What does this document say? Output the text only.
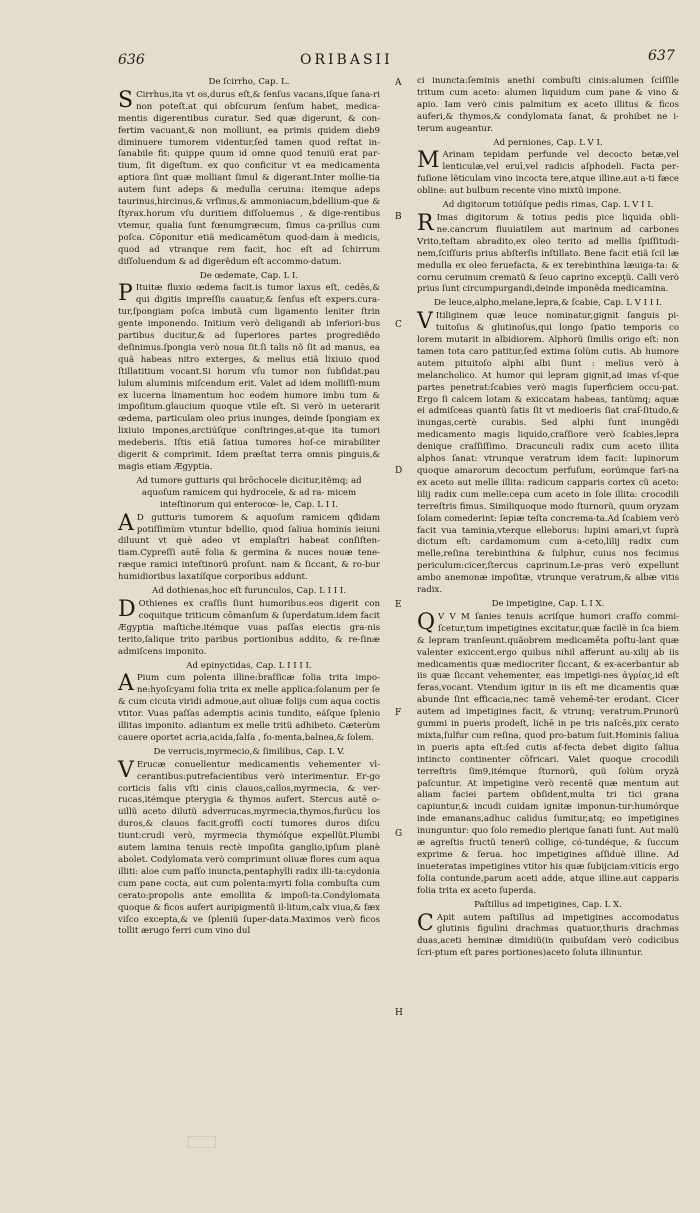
636	ORIBASII	637
De ſcirrho, Cap. L.
S Cirrhus,ita vt os,durus eſt,& ſenſus vacans,iſque ſana-ri non poteſt.at qui obſcurum ſenſum habet, medica-mentis digerentibus curatur. Sed quæ digerunt, & con-fertim vacuant,& non molliunt, ea primis quidem dieb9 diminuere tumorem videntur,ſed tamen quod reſtat in-ſanabile fit: quippe quum id omne quod tenuiũ erat par-tium, ſit digeſtum. ex quo conficitur vt ea medicamenta aptiora ſint quæ molliant ſimul & digerant.Inter mollie-tia autem ſunt adeps & medulla ceruina: itemque adeps taurinus,hircinus,& vrſinus,& ammoniacum,bdellium-que & ſtyrax.horum vſu duritiem diſſoluemus , & dige-rentibus vtemur, qualia ſunt fœnumgræcum, ſimus ca-prillus cum poſca. Cōponitur etiã medicamētum quod-dam à medicis, quod ad vtranque rem facit, hoc eſt ad ſchirrum diſſoluendum & ad digerẽdum eſt accommo-datum.
De œdemate, Cap. L I.
P Ituitæ fluxio œdema facit.is tumor laxus eſt, cedēs,& qui digitis impreſſis cauatur,& ſenſus eſt expers.cura-tur,ſpongiam poſca imbutã cum ligamento leniter ſtrin gente imponendo. Initium verò deligandi ab inferiori-bus partibus ducitur,& ad ſuperiores partes progrediẽdo deſinimus.ſpongia verò noua ſit.ſi talis nõ ſit ad manus, ea quã habeas nitro exterges, & melius etiã lixiuio quod ſtillatitium vocant.Si horum vſu tumor non ſubſidat.pau lulum aluminis miſcendum erit. Valet ad idem molliſſi-mum ex lucerna linamentum hoc eodem humore imbu tum & impoſitum.glaucium quoque vtile eſt. Si verò in ueterarit œdema, particulam oleo prius inunges, deinde ſpongiam ex lixiuio impones,arctiúſque conſtringes,at-que ita tumori medeberis. Iſtis etiã ſatiua tumores hoſ-ce mirabiliter digerit & comprimit. Idem præſtat terra omnis pinguis,& magis etiam Ægyptia.
Ad tumore gutturis qui brōchocele dicitur,itẽmq; ad aquoſum ramicem qui hydrocele, & ad ra- micem inteſtinorum qui enterocœ- le, Cap. L I I.
A D gutturis tumorem & aquoſum ramicem qđidam potiſſimùm vtuntur bdellio, quod ſaliua hominis ieiuni diluunt vt què adeo vt emplaſtri habeat conſiſten-tiam.Cypreſſi autē folia & germina & nuces nouæ tene-ræque ramici inteſtinorũ proſunt. nam & ſiccant, & ro-bur humidioribus laxatíſque corporibus addunt.
Ad dothienas,hoc eſt furunculos, Cap. L I I I.
D Othienes ex craſſis ſiunt humoribus.eos digerit con coquitque triticum cōmanſum & ſuperdatum.idem facit Ægyptia maſtiche.itémque vuas paſſas eiectis gra-nis terito,ſalique trito paribus portionibus addito, & re-ſinæ admiſcens imponito.
Ad epinyctidas, Cap. L I I I I.
A Pium cum polenta illine:braſſicæ folia trita impo-ne:hyoſcyami folia trita ex melle applica:ſolanum per ſe & cum cicuta viridi admoue,aut oliuæ folijs cum aqua coctis vtitor. Vuas paſſas ademptis acinis tundito, eáſque ſplenio illitas imponito. adiantum ex melle tritũ adhibeto. Cæterùm cauere oportet acria,acida,ſalſa , fo-menta,balnea,& ſolem.
De verrucis,myrmecio,& ſimilibus, Cap. L V.
V Erucæ conuellentur medicamentis vehementer vl-cerantibus:putrefacientibus verò interimentur. Er-go corticis ſalis vſti cinis clauos,callos,myrmecia, & ver-rucas,itémque pterygia & thymos aufert. Stercus autē o-uillũ aceto dilutũ adverrucas,myrmecia,thymos,furũcu los duros,& clauos facit.grofſi coctí tumores duros diſcu tiunt:crudi verò, myrmecia thymóſque expellũt.Plumbi autem lamina tenuis rectè impoſita ganglio,ipſum planè abolet. Codylomata verò comprimunt oliuæ flores cum aqua illiti: aloe cum paſſo inuncta,pentaphylli radix illi-ta:cydonia cum pane cocta, aut cum polenta:myrti folia combuſta cum cerato:propolis ante emollita & impoſi-ta.Condylomata quoque & ficos aufert auripigmentũ il-litum,calx viua,& fæx viſco excepta,& ve ſpleniũ ſuper-data.Maximos verò ficos tollit ærugo ferri cum vino dul
ci inuncta:ſeminis anethi combuſti cinis:alumen ſciſſile tritum cum aceto: alumen liquidum cum pane & vino & apio. Iam verò cinis palmitum ex aceto illitus & ficos auferi,& thymos,& condylomata ſanat, & prohibet ne i-terum augeantur.
Ad perniones, Cap. L V I.
M Arinam tepidam perfunde vel decocto betæ,vel lenticulæ,vel eruī,vel radicis aſphodeli. Facta per-fuſione lẽticulam vino incocta tere,atque illine.aut a-ti fæce obline: aut bulbum recente vino mixtũ impone.
Ad digitorum totiúſque pedis rimas, Cap. L V I I.
R Imas digitorum & totius pedis pice liquida obli-ne.cancrum fluuiatilem aut marinum ad carbones Vrito,teſtam abradito,ex oleo terito ad mellis ſpiſſitudi-nem,ſciſſuris prius abſterſis inſtillato. Bene facit etiã ſcil læ medulla ex oleo feruefacta, & ex terebinthina læuiga-ta: & cornu ceruinum crematũ & ſeuo caprino excepţũ. Calli verò prius ſunt circumpurgandi,deinde imponẽda medicamina.
De leuce,alpho,melane,lepra,& ſcabie, Cap. L V I I I.
V Itiliginem quæ leuce nominatur,gignit ſanguis pi-tuitoſus & glutinoſus,qui longo ſpatio temporis co lorem mutarit in albidiorem. Alphorũ ſimilis origo eſt: non tamen tota caro patitur,ſed extima ſolùm cutis. Ab humore autem pituitoſo alphi albi ſiunt : melius verò à melancholico. At humor qui lepram gignit,ad imas vſ-que partes penetrat:ſcabies verò magis ſuperficiem occu-pat. Ergo ſi calcem lotam & exiccatam habeas, tantùmq; aquæ ei admiſceas quantũ ſatis ſit vt medioeris ſiat craſ-ſitudo,& inungas,certè curabis. Sed alphi ſunt inungẽdi medicamento magis liquido,craſſiore verò ſcabies,lepra denique craſſiſſimo. Dracunculi radix cum aceto illita alphos ſanat: vtrunque veratrum idem facit: lupinorum quoque amarorum decoctum perfuſum, eorúmque fari-na ex aceto aut melle illita: radicum capparis cortex cũ aceto: lilij radix cum melle:cepa cum aceto in ſole illita: crocodili terreſtris fimus. Similiquoque modo ſturnorũ, quum oryzam ſolam comederint: ſepiæ teſta concrema-ta.Ad ſcabiem verò facit vua taminia,vterque elleborus: lupini amari,vt ſuprà dictum eſt: cardamomum cum a-ceto,lilij radix cum melle,reſina terebinthina & ſulphur, cuius nos fecimus periculum:cicer,ſtercus caprinum.Le-pras verò expellunt ambo anemonæ impoſitæ, vtrunque veratrum,& albæ vitis radix.
De impetigine, Cap. L I X.
Q V V M ſanies tenuis acriſque humori craſſo commi-ſcetur,tum impetigines excitatur,quæ facilè in ſca biem & lepram tranſeunt.quãobrem medicamēta poſtu-lant quæ valenter exiccent.ergo quibus nihil afferunt au-xilij ab iis medicamentis quæ mediocriter ſiccant, & ex-acerbantur ab iis quæ ſiccant vehementer, eas impetigi-nes ἀγρίας,id eſt feras,vocant. Vtendum igitur in iis eſt me dicamentis quæ abunde ſint efficacia,nec tamē vehemē-ter erodant. Cicer autem ad impetigines facit, & vtrunq; veratrum.Prunorũ gummi in pueris prodeſt, lichē in pe tris naſcēs,pix cerato mixta,ſulfur cum reſina, quod pro-batum ſuit.Hominis ſaliua in pueris apta eſt:ſed cutis af-fecta debet digito ſaliua intincto continenter cōfricari. Valet quoque crocodili terreſtris ſim9,itémque ſturnorũ, quũ ſolùm oryzã paſcuntur. At impetigine verò recentē quæ mentum aut aliam faciei partem obſident,multa tri tici grana capiuntur,& incudi cuidam ignitæ imponun-tur:humórque inde emanans,adhuc calidus ſumitur,atq; eo impetigines inunguntur: quo ſolo remedio plerique ſanati ſunt. Aut malũ æ agreſtis fructũ tenerũ collige, có-tundéque, & ſuccum exprime & ſerua. hoc impetigines aſſiduè illine. Ad inueteratas impetigines vtitor his quæ ſubijciam:viticis ergo folia contunde,parum aceti adde, atque illine.aut capparis folia trita ex aceto ſuperda.
Paſtillus ad impetigines, Cap. L X.
C Apit autem paſtillus ad impetigines accomodatus glutinis figulini drachmas quatuor,thuris drachmas duas,aceti heminæ dimidiũ(in quibuſdam verò codicibus ſcri-ptum eſt pares portiones)aceto ſoluta illinuntur.
A
B
C
D
E
F
G
H
